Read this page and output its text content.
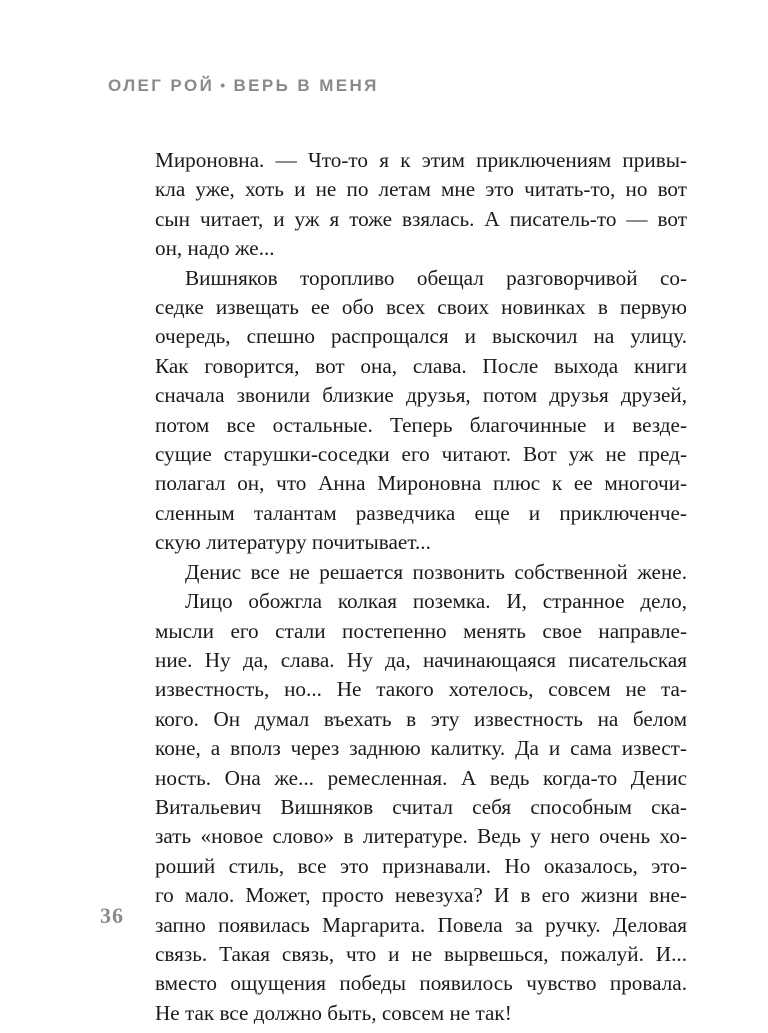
ОЛЕГ РОЙ • ВЕРЬ В МЕНЯ

Мироновна. — Что-то я к этим приключениям привы-

кла уже, хоть и не по летам мне это читать-то, но вот

сын читает, и уж я тоже взялась. А писатель-то — вот

он, надо же...

Вишняков торопливо обещал разговорчивой со-

седке извещать ее обо всех своих новинках в первую

очередь, спешно распрощался и выскочил на улицу.

Как говорится, вот она, слава. После выхода книги

сначала звонили близкие друзья, потом друзья друзей,

потом все остальные. Теперь благочинные и везде-

сущие старушки-соседки его читают. Вот уж не пред-

полагал он, что Анна Мироновна плюс к ее многочи-

сленным талантам разведчика еще и приключенче-

скую литературу почитывает...

Денис все не решается позвонить собственной жене.

Лицо обожгла колкая поземка. И, странное дело,

мысли его стали постепенно менять свое направле-

ние. Ну да, слава. Ну да, начинающаяся писательская

известность, но... Не такого хотелось, совсем не та-

кого. Он думал въехать в эту известность на белом

коне, а вполз через заднюю калитку. Да и сама извест-

ность. Она же... ремесленная. А ведь когда-то Денис

Витальевич Вишняков считал себя способным ска-

зать «новое слово» в литературе. Ведь у него очень хо-

роший стиль, все это признавали. Но оказалось, это-

го мало. Может, просто невезуха? И в его жизни вне-

запно появилась Маргарита. Повела за ручку. Деловая

связь. Такая связь, что и не вырвешься, пожалуй. И...

вместо ощущения победы появилось чувство провала.

Не так все должно быть, совсем не так!

36
